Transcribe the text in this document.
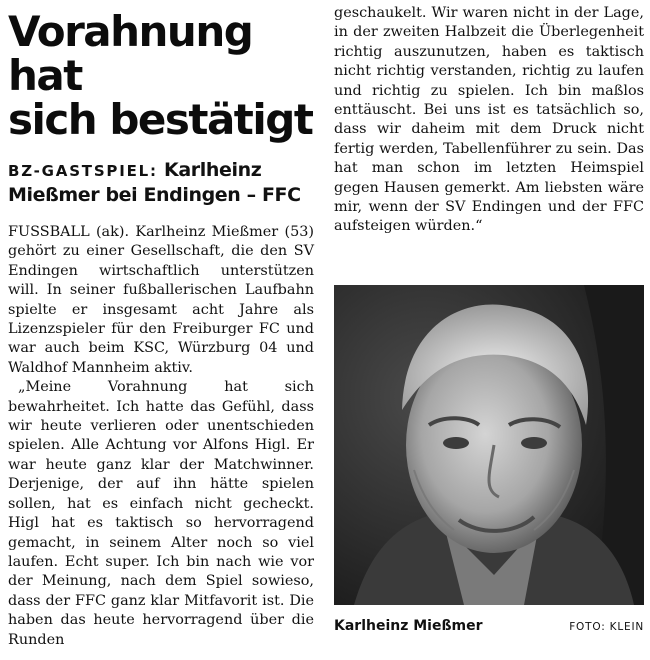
Vorahnung hat
sich bestätigt
BZ-GASTSPIEL: Karlheinz
Mießmer bei Endingen – FFC

FUSSBALL (ak). Karlheinz Mießmer (53) gehört zu einer Gesellschaft, die den SV Endingen wirtschaftlich unterstützen will. In seiner fußballerischen Laufbahn spielte er insgesamt acht Jahre als Lizenzspieler für den Freiburger FC und war auch beim KSC, Würzburg 04 und Waldhof Mannheim aktiv.

„Meine Vorahnung hat sich bewahrheitet. Ich hatte das Gefühl, dass wir heute verlieren oder unentschieden spielen. Alle Achtung vor Alfons Higl. Er war heute ganz klar der Matchwinner. Derjenige, der auf ihn hätte spielen sollen, hat es einfach nicht gecheckt. Higl hat es taktisch so hervorragend gemacht, in seinem Alter noch so viel laufen. Echt super. Ich bin nach wie vor der Meinung, nach dem Spiel sowieso, dass der FFC ganz klar Mitfavorit ist. Die haben das heute hervorragend über die Runden

geschaukelt. Wir waren nicht in der Lage, in der zweiten Halbzeit die Überlegenheit richtig auszunutzen, haben es taktisch nicht richtig verstanden, richtig zu laufen und richtig zu spielen. Ich bin maßlos enttäuscht. Bei uns ist es tatsächlich so, dass wir daheim mit dem Druck nicht fertig werden, Tabellenführer zu sein. Das hat man schon im letzten Heimspiel gegen Hausen gemerkt. Am liebsten wäre mir, wenn der SV Endingen und der FFC aufsteigen würden.“

Karlheinz Mießmer	FOTO: KLEIN
